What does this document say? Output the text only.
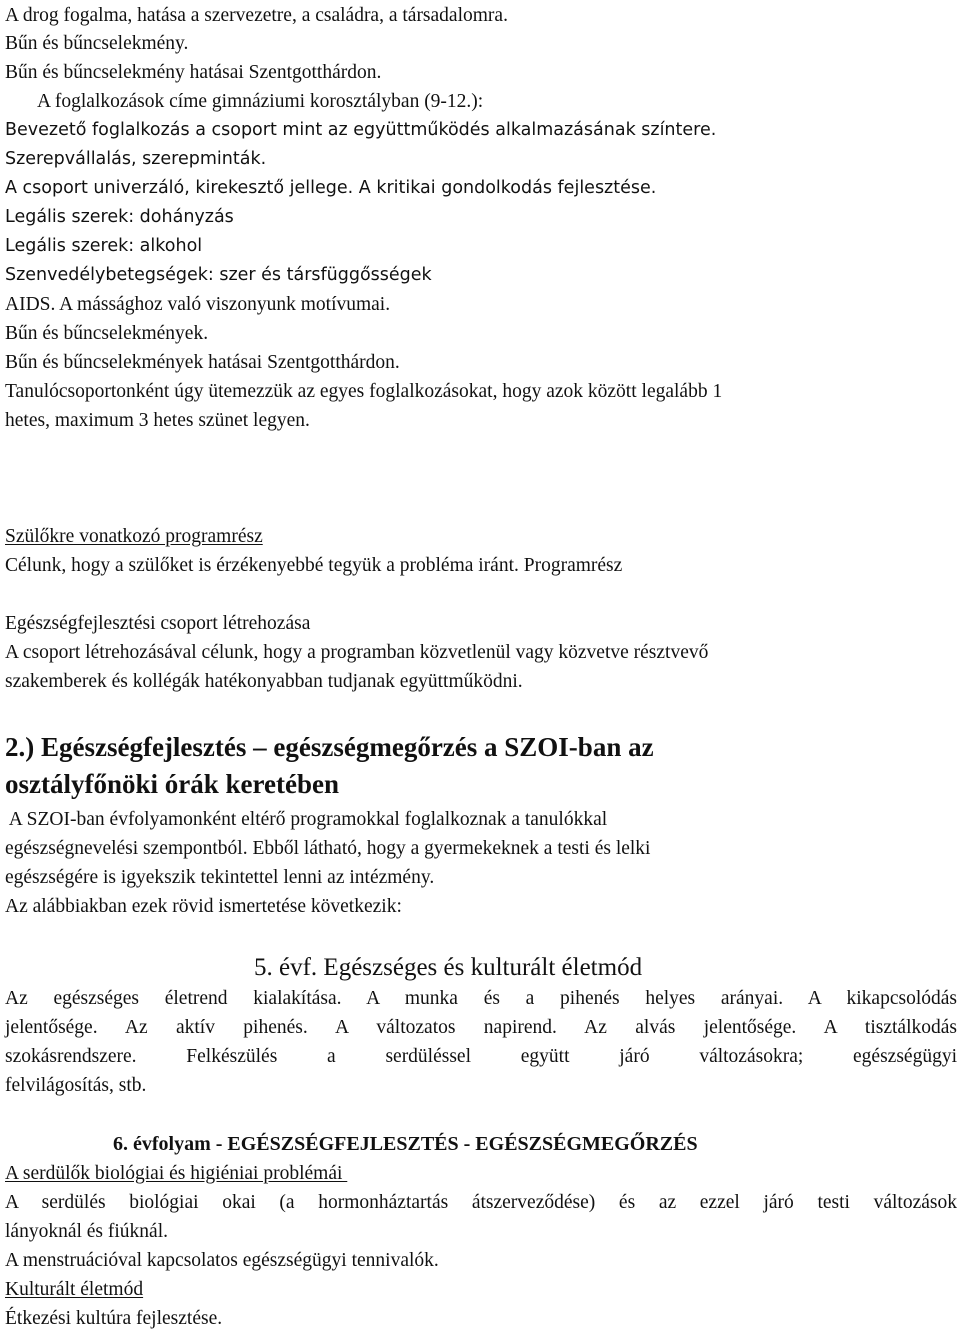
A drog fogalma, hatása a szervezetre, a családra, a társadalomra.
Bűn és bűncselekmény.
Bűn és bűncselekmény hatásai Szentgotthárdon.
A foglalkozások címe gimnáziumi korosztályban (9-12.):
Bevezető foglalkozás a csoport mint az együttműködés alkalmazásának színtere.
Szerepvállalás, szerepminták.
A csoport univerzáló, kirekesztő jellege. A kritikai gondolkodás fejlesztése.
Legális szerek: dohányzás
Legális szerek: alkohol
Szenvedélybetegségek: szer és társfüggősségek
AIDS. A mássághoz való viszonyunk motívumai.
Bűn és bűncselekmények.
Bűn és bűncselekmények hatásai Szentgotthárdon.
Tanulócsoportonként úgy ütemezzük az egyes foglalkozásokat, hogy azok között legalább 1
hetes, maximum 3 hetes szünet legyen.
Szülőkre vonatkozó programrész
Célunk, hogy a szülőket is érzékenyebbé tegyük a probléma iránt. Programrész
Egészségfejlesztési csoport létrehozása
A csoport létrehozásával célunk, hogy a programban közvetlenül vagy közvetve résztvevő
szakemberek és kollégák hatékonyabban tudjanak együttműködni.
2.) Egészségfejlesztés – egészségmegőrzés a SZOI-ban az
osztályfőnöki órák keretében
A SZOI-ban évfolyamonként eltérő programokkal foglalkoznak a tanulókkal
egészségnevelési szempontból. Ebből látható, hogy a gyermekeknek a testi és lelki
egészségére is igyekszik tekintettel lenni az intézmény.
Az alábbiakban ezek rövid ismertetése következik:
5. évf. Egészséges és kulturált életmód
Az egészséges életrend kialakítása. A munka és a pihenés helyes arányai. A kikapcsolódás
jelentősége. Az aktív pihenés. A változatos napirend. Az alvás jelentősége. A tisztálkodás
szokásrendszere. Felkészülés a serdüléssel együtt járó változásokra; egészségügyi
felvilágosítás, stb.
6. évfolyam - EGÉSZSÉGFEJLESZTÉS - EGÉSZSÉGMEGŐRZÉS
A serdülők biológiai és higiéniai problémái
A serdülés biológiai okai (a hormonháztartás átszerveződése) és az ezzel járó testi változások
lányoknál és fiúknál.
A menstruációval kapcsolatos egészségügyi tennivalók.
Kulturált életmód
Étkezési kultúra fejlesztése.
